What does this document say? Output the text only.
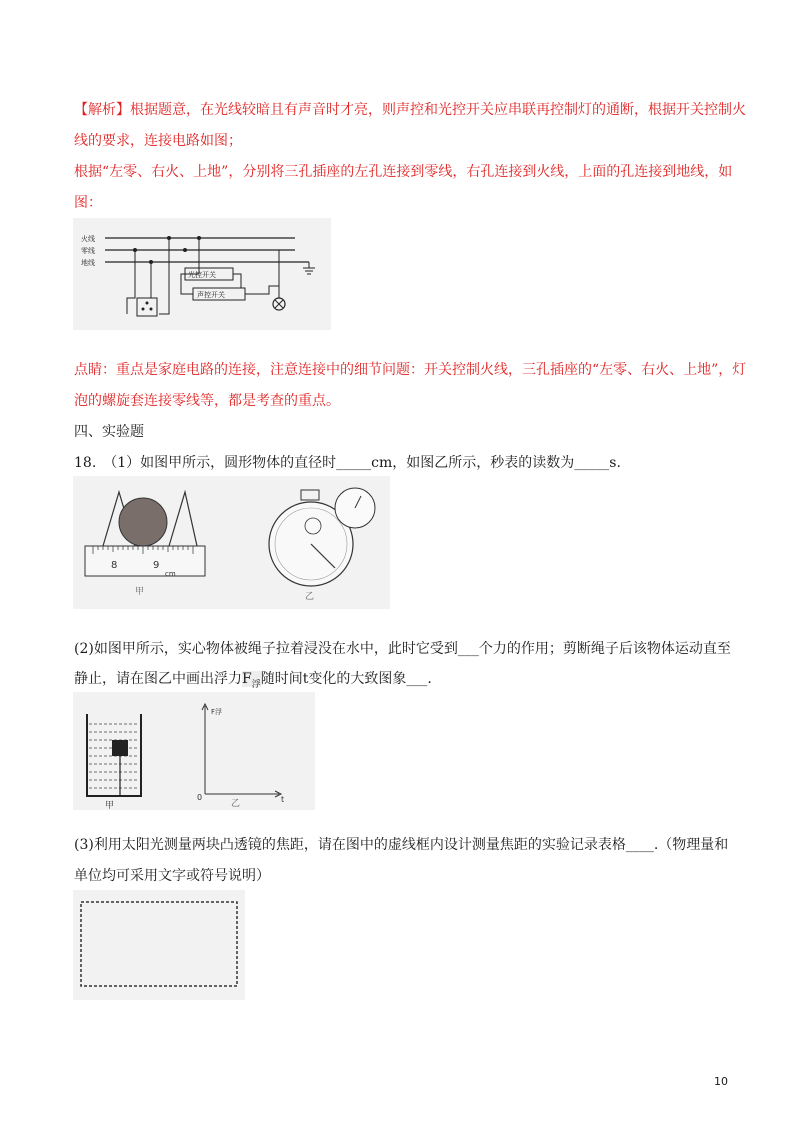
【解析】根据题意，在光线较暗且有声音时才亮，则声控和光控开关应串联再控制灯的通断，根据开关控制火
线的要求，连接电路如图；
根据“左零、右火、上地”，分别将三孔插座的左孔连接到零线，右孔连接到火线，上面的孔连接到地线，如
图：
火线
零线
地线
光控开关
声控开关
点睛：重点是家庭电路的连接，注意连接中的细节问题：开关控制火线，三孔插座的“左零、右火、上地”，灯
泡的螺旋套连接零线等，都是考查的重点。
四、实验题
18.　（1）如图甲所示，圆形物体的直径时_____cm，如图乙所示，秒表的读数为_____s.
8	9
cm
甲	乙
(2)如图甲所示，实心物体被绳子拉着浸没在水中，此时它受到___个力的作用；剪断绳子后该物体运动直至
静止，请在图乙中画出浮力$F_浮$随时间t变化的大致图象___.
甲
F浮
t
0
乙
(3)利用太阳光测量两块凸透镜的焦距，请在图中的虚线框内设计测量焦距的实验记录表格____.（物理量和
单位均可采用文字或符号说明）
10
